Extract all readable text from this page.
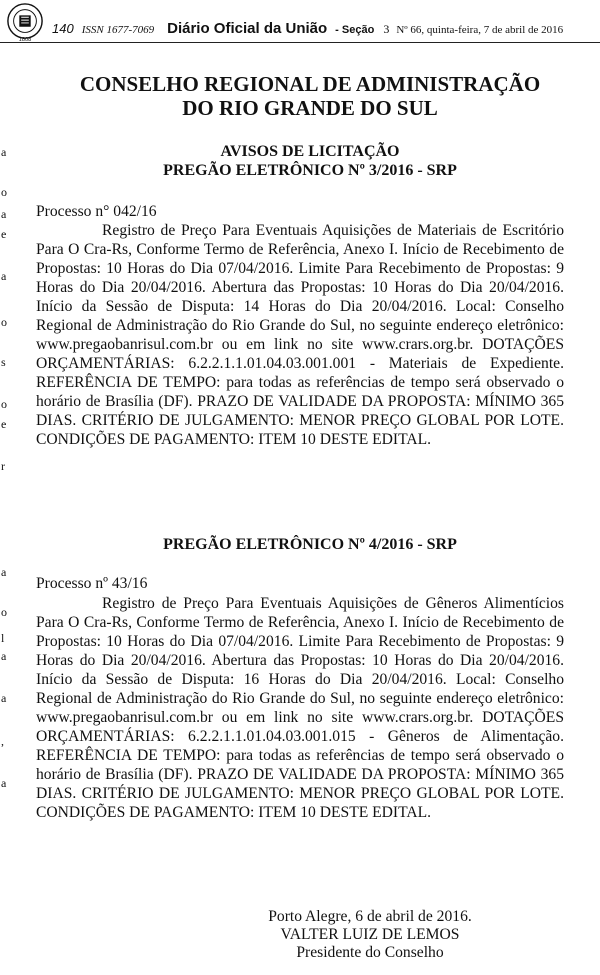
1808
140 ISSN 1677-7069 Diário Oficial da União - Seção 3 Nº 66, quinta-feira, 7 de abril de 2016
a
o
a
e
a
o
s
o
e
r
a
o
l
a
a
,
a
CONSELHO REGIONAL DE ADMINISTRAÇÃO
DO RIO GRANDE DO SUL
AVISOS DE LICITAÇÃO
PREGÃO ELETRÔNICO Nº 3/2016 - SRP
Processo n° 042/16
Registro de Preço Para Eventuais Aquisições de Materiais de Escritório Para O Cra-Rs, Conforme Termo de Referência, Anexo I. Início de Recebimento de Propostas: 10 Horas do Dia 07/04/2016. Limite Para Recebimento de Propostas: 9 Horas do Dia 20/04/2016. Abertura das Propostas: 10 Horas do Dia 20/04/2016. Início da Sessão de Disputa: 14 Horas do Dia 20/04/2016. Local: Conselho Regional de Administração do Rio Grande do Sul, no seguinte endereço eletrônico: www.pregaobanrisul.com.br ou em link no site www.crars.org.br. DOTAÇÕES ORÇAMENTÁRIAS: 6.2.2.1.1.01.04.03.001.001 - Materiais de Expediente. REFERÊNCIA DE TEMPO: para todas as referências de tempo será observado o horário de Brasília (DF). PRAZO DE VALIDADE DA PROPOSTA: MÍNIMO 365 DIAS. CRITÉRIO DE JULGAMENTO: MENOR PREÇO GLOBAL POR LOTE. CONDIÇÕES DE PAGAMENTO: ITEM 10 DESTE EDITAL.
PREGÃO ELETRÔNICO Nº 4/2016 - SRP
Processo nº 43/16
Registro de Preço Para Eventuais Aquisições de Gêneros Alimentícios Para O Cra-Rs, Conforme Termo de Referência, Anexo I. Início de Recebimento de Propostas: 10 Horas do Dia 07/04/2016. Limite Para Recebimento de Propostas: 9 Horas do Dia 20/04/2016. Abertura das Propostas: 10 Horas do Dia 20/04/2016. Início da Sessão de Disputa: 16 Horas do Dia 20/04/2016. Local: Conselho Regional de Administração do Rio Grande do Sul, no seguinte endereço eletrônico: www.pregaobanrisul.com.br ou em link no site www.crars.org.br. DOTAÇÕES ORÇAMENTÁRIAS: 6.2.2.1.1.01.04.03.001.015 - Gêneros de Alimentação. REFERÊNCIA DE TEMPO: para todas as referências de tempo será observado o horário de Brasília (DF). PRAZO DE VALIDADE DA PROPOSTA: MÍNIMO 365 DIAS. CRITÉRIO DE JULGAMENTO: MENOR PREÇO GLOBAL POR LOTE. CONDIÇÕES DE PAGAMENTO: ITEM 10 DESTE EDITAL.
Porto Alegre, 6 de abril de 2016.
VALTER LUIZ DE LEMOS
Presidente do Conselho
